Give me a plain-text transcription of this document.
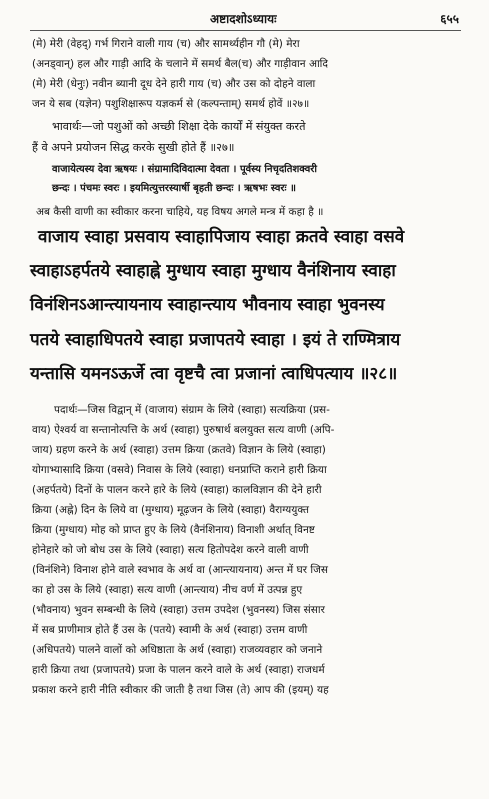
अष्टादशोऽध्यायः	६५५
(मे) मेरी (वेहद्) गर्भ गिराने वाली गाय (च) और सामर्थ्यहीन गौ (मे) मेरा
(अनड्वान्) हल और गाड़ी आदि के चलाने में समर्थ बैल(च) और गाड़ीवान आदि
(मे) मेरी (धेनुः) नवीन ब्यानी दूध देने हारी गाय (च) और उस को दोहने वाला
जन ये सब (यज्ञेन) पशुशिक्षारूप यज्ञकर्म से (कल्पन्ताम्) समर्थ होवें ॥२७॥
भावार्थः—जो पशुओं को अच्छी शिक्षा देके कार्यों में संयुक्त करते
हैं वे अपने प्रयोजन सिद्ध करके सुखी होते हैं ॥२७॥
वाजायेत्यस्य देवा ऋषयः । संग्रामादिविदात्मा देवता । पूर्वस्य निचृदतिशक्वरी
छन्दः । पंचमः स्वरः । इयमित्युत्तरस्यार्षी बृहती छन्दः । ऋषभः स्वरः ॥
अब कैसी वाणी का स्वीकार करना चाहिये, यह विषय अगले मन्त्र में कहा है ॥
वाजाय स्वाहा प्रसवाय स्वाहापिजाय स्वाहा क्रतवे स्वाहा वसवे
स्वाहाऽहर्पतये स्वाहाह्ने मुग्धाय स्वाहा मुग्धाय वैनंशिनाय स्वाहा
विनंशिनऽआन्त्यायनाय स्वाहान्त्याय भौवनाय स्वाहा भुवनस्य
पतये स्वाहाधिपतये स्वाहा प्रजापतये स्वाहा । इयं ते राण्मित्राय
यन्तासि यमनऽऊर्जे त्वा वृष्टचै त्वा प्रजानां त्वाधिपत्याय ॥२८॥
पदार्थः—जिस विद्वान् में (वाजाय) संग्राम के लिये (स्वाहा) सत्यक्रिया (प्रस-
वाय) ऐश्वर्य वा सन्तानोत्पत्ति के अर्थ (स्वाहा) पुरुषार्थ बलयुक्त सत्य वाणी (अपि-
जाय) ग्रहण करने के अर्थ (स्वाहा) उत्तम क्रिया (क्रतवे) विज्ञान के लिये (स्वाहा)
योगाभ्यासादि क्रिया (वसवे) निवास के लिये (स्वाहा) धनप्राप्ति कराने हारी क्रिया
(अहर्पतये) दिनों के पालन करने हारे के लिये (स्वाहा) कालविज्ञान की देने हारी
क्रिया (अह्ने) दिन के लिये वा (मुग्धाय) मूढ़जन के लिये (स्वाहा) वैराग्ययुक्त
क्रिया (मुग्धाय) मोह को प्राप्त हुए के लिये (वैनंशिनाय) विनाशी अर्थात् विनष्ट
होनेहारे को जो बोध उस के लिये (स्वाहा) सत्य हितोपदेश करने वाली वाणी
(विनंशिने) विनाश होने वाले स्वभाव के अर्थ वा (आन्त्यायनाय) अन्त में घर जिस
का हो उस के लिये (स्वाहा) सत्य वाणी (आन्त्याय) नीच वर्ण में उत्पन्न हुए
(भौवनाय) भुवन सम्बन्धी के लिये (स्वाहा) उत्तम उपदेश (भुवनस्य) जिस संसार
में सब प्राणीमात्र होते हैं उस के (पतये) स्वामी के अर्थ (स्वाहा) उत्तम वाणी
(अधिपतये) पालने वालों को अधिष्ठाता के अर्थ (स्वाहा) राजव्यवहार को जनाने
हारी क्रिया तथा (प्रजापतये) प्रजा के पालन करने वाले के अर्थ (स्वाहा) राजधर्म
प्रकाश करने हारी नीति स्वीकार की जाती है तथा जिस (ते) आप की (इयम्) यह
